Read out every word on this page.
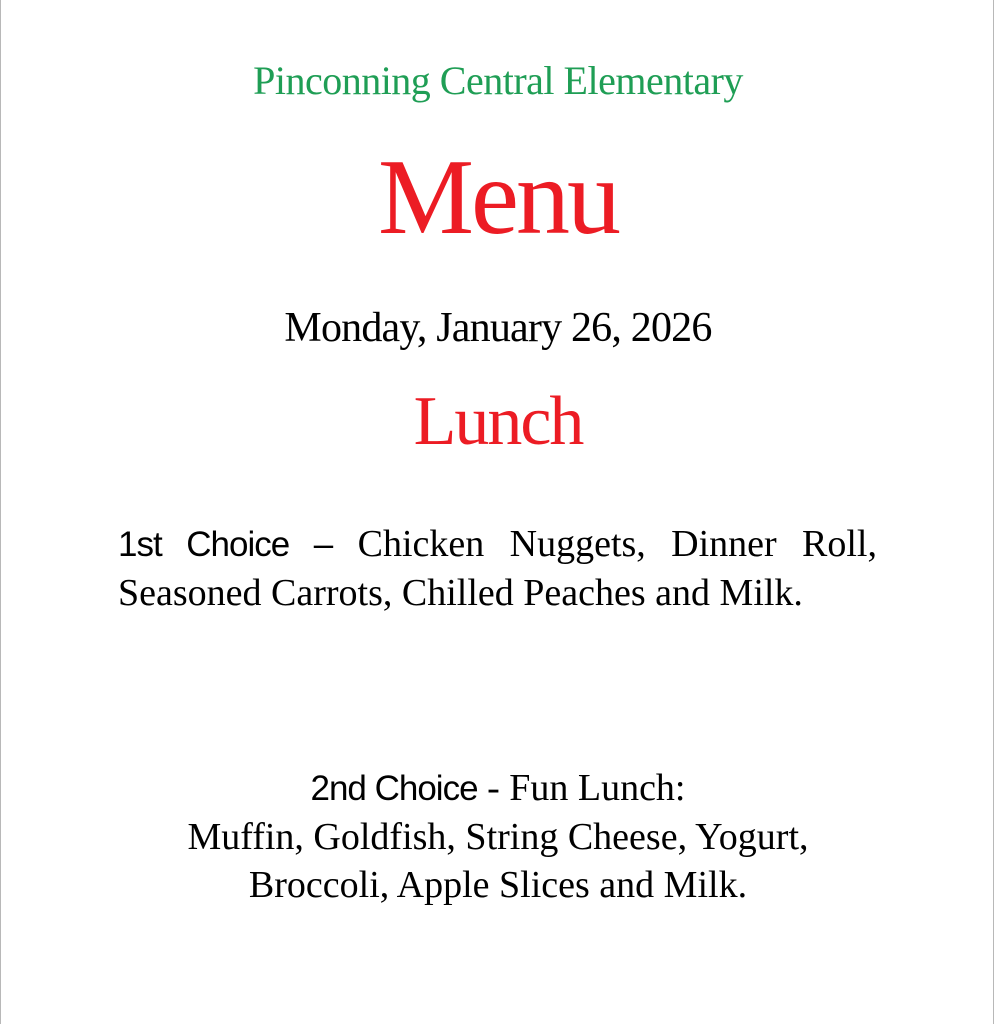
Pinconning Central Elementary
Menu
Monday, January 26, 2026
Lunch
1st Choice – Chicken Nuggets, Dinner Roll, Seasoned Carrots, Chilled Peaches and Milk.
2nd Choice - Fun Lunch:
Muffin, Goldfish, String Cheese, Yogurt,
Broccoli, Apple Slices and Milk.
